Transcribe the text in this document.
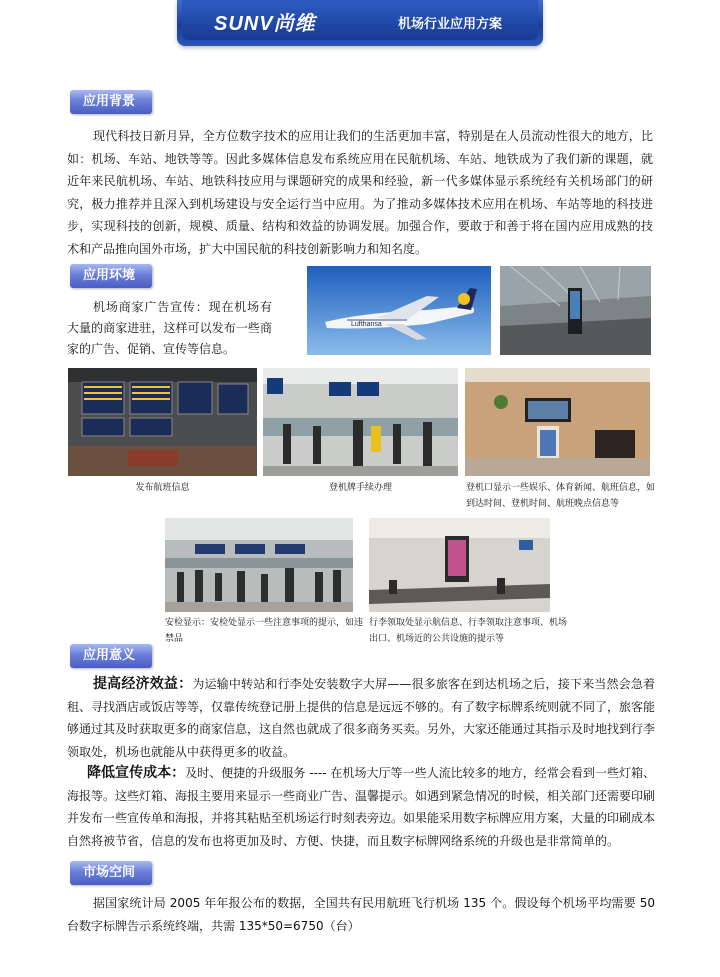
SUNV尚维	机场行业应用方案
应用背景

现代科技日新月异，全方位数字技术的应用让我们的生活更加丰富，特别是在人员流动性很大的地方，比如：机场、车站、地铁等等。因此多媒体信息发布系统应用在民航机场、车站、地铁成为了我们新的课题，就近年来民航机场、车站、地铁科技应用与课题研究的成果和经验，新一代多媒体显示系统经有关机场部门的研究，极力推荐并且深入到机场建设与安全运行当中应用。为了推动多媒体技术应用在机场、车站等地的科技进步，实现科技的创新，规模、质量、结构和效益的协调发展。加强合作，要敢于和善于将在国内应用成熟的技术和产品推向国外市场，扩大中国民航的科技创新影响力和知名度。

应用环境

机场商家广告宣传：现在机场有大量的商家进驻，这样可以发布一些商家的广告、促销、宣传等信息。

Lufthansa
发布航班信息	登机牌手续办理	登机口显示一些娱乐、体育新闻、航班信息，如到达时间、登机时间、航班晚点信息等
安检显示：安检处显示一些注意事项的提示，如违禁品
行李领取处显示航信息、行李领取注意事项、机场出口、机场近的公共设施的提示等
应用意义

提高经济效益：为运输中转站和行李处安装数字大屏——很多旅客在到达机场之后，接下来当然会急着租、寻找酒店或饭店等等，仅靠传统登记册上提供的信息是远远不够的。有了数字标牌系统则就不同了，旅客能够通过其及时获取更多的商家信息，这自然也就成了很多商务买卖。另外，大家还能通过其指示及时地找到行李领取处，机场也就能从中获得更多的收益。

降低宣传成本：及时、便捷的升级服务 ---- 在机场大厅等一些人流比较多的地方，经常会看到一些灯箱、海报等。这些灯箱、海报主要用来显示一些商业广告、温馨提示。如遇到紧急情况的时候，相关部门还需要印刷并发布一些宣传单和海报，并将其粘贴至机场运行时刻表旁边。如果能采用数字标牌应用方案，大量的印刷成本自然将被节省，信息的发布也将更加及时、方便、快捷，而且数字标牌网络系统的升级也是非常简单的。

市场空间

据国家统计局 2005 年年报公布的数据，全国共有民用航班飞行机场 135 个。假设每个机场平均需要 50 台数字标牌告示系统终端，共需 135*50=6750（台）
